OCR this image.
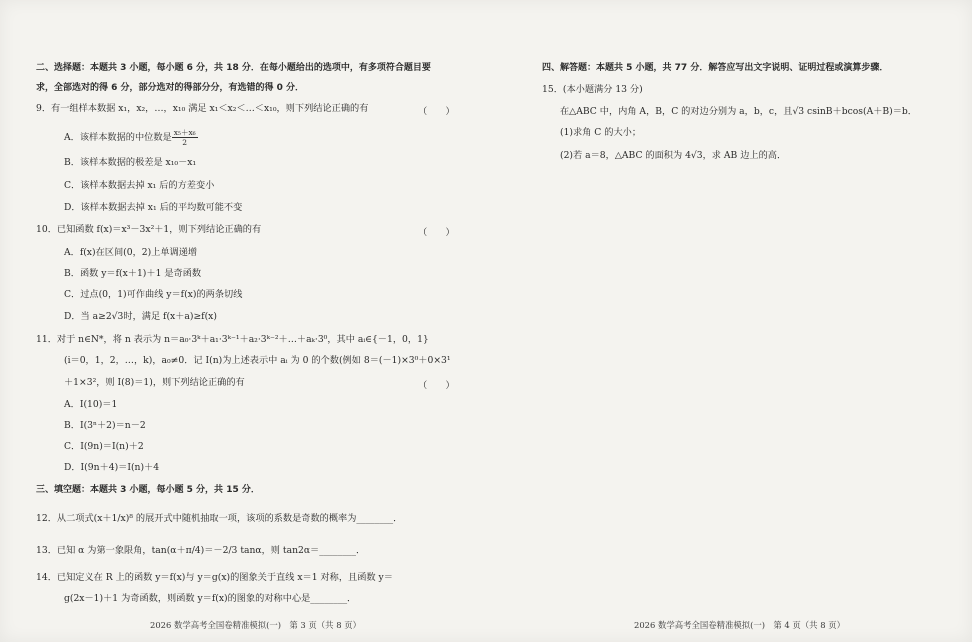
二、选择题：本题共 3 小题，每小题 6 分，共 18 分．在每小题给出的选项中，有多项符合题目要
求，全部选对的得 6 分，部分选对的得部分分，有选错的得 0 分．
9．有一组样本数据 x₁，x₂，…，x₁₀ 满足 x₁＜x₂＜…＜x₁₀，则下列结论正确的有	（　　）
A．该样本数据的中位数是 $\frac{\text{x₅＋x₆}}{2}$
B．该样本数据的极差是 x₁₀－x₁
C．该样本数据去掉 x₁ 后的方差变小
D．该样本数据去掉 x₁ 后的平均数可能不变
10．已知函数 f(x)＝x³－3x²＋1，则下列结论正确的有	（　　）
A．f(x)在区间(0，2)上单调递增
B．函数 y＝f(x＋1)＋1 是奇函数
C．过点(0，1)可作曲线 y＝f(x)的两条切线
D．当 a≥2√3时，满足 f(x＋a)≥f(x)
11．对于 n∈N*，将 n 表示为 n＝a₀·3ᵏ＋a₁·3ᵏ⁻¹＋a₂·3ᵏ⁻²＋…＋aₖ·3⁰，其中 aᵢ∈{－1，0，1}
(i＝0，1，2，…，k)，a₀≠0．记 I(n)为上述表示中 aᵢ 为 0 的个数(例如 8＝(－1)×3⁰＋0×3¹
＋1×3²，则 I(8)＝1)，则下列结论正确的有	（　　）
A．I(10)＝1
B．I(3ⁿ＋2)＝n－2
C．I(9n)＝I(n)＋2
D．I(9n＋4)＝I(n)＋4
三、填空题：本题共 3 小题，每小题 5 分，共 15 分．
12．从二项式(x＋1/x)⁸ 的展开式中随机抽取一项，该项的系数是奇数的概率为________．
13．已知 α 为第一象限角，tan(α＋π/4)＝－2/3 tanα，则 tan2α＝________．
14．已知定义在 R 上的函数 y＝f(x)与 y＝g(x)的图象关于直线 x＝1 对称，且函数 y＝
g(2x－1)＋1 为奇函数，则函数 y＝f(x)的图象的对称中心是________．
2026 数学高考全国卷精准模拟(一)　第 3 页（共 8 页）
四、解答题：本题共 5 小题，共 77 分．解答应写出文字说明、证明过程或演算步骤．
15．(本小题满分 13 分)
在△ABC 中，内角 A，B，C 的对边分别为 a，b，c，且√3 csinB＋bcos(A＋B)＝b．
(1)求角 C 的大小；
(2)若 a＝8，△ABC 的面积为 4√3，求 AB 边上的高．
2026 数学高考全国卷精准模拟(一)　第 4 页（共 8 页）
